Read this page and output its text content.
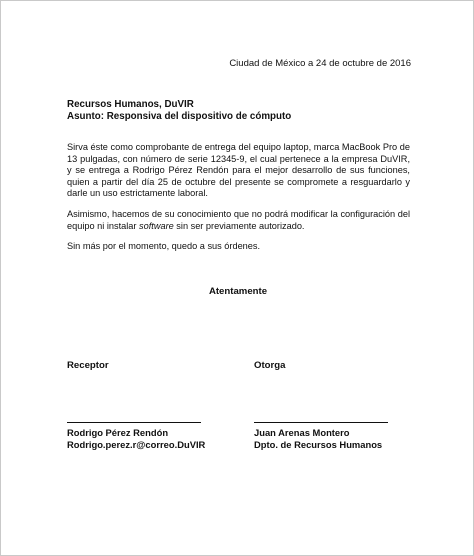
Ciudad de México a 24 de octubre de 2016
Recursos Humanos, DuVIR
Asunto: Responsiva del dispositivo de cómputo
Sirva éste como comprobante de entrega del equipo laptop, marca MacBook Pro de 13 pulgadas, con número de serie 12345-9, el cual pertenece a la empresa DuVIR, y se entrega a Rodrigo Pérez Rendón para el mejor desarrollo de sus funciones, quien a partir del día 25 de octubre del presente se compromete a resguardarlo y darle un uso estrictamente laboral.
Asimismo, hacemos de su conocimiento que no podrá modificar la configuración del equipo ni instalar software sin ser previamente autorizado.
Sin más por el momento, quedo a sus órdenes.
Atentamente
Receptor	Otorga
Rodrigo Pérez Rendón
Rodrigo.perez.r@correo.DuVIR
Juan Arenas Montero
Dpto. de Recursos Humanos
